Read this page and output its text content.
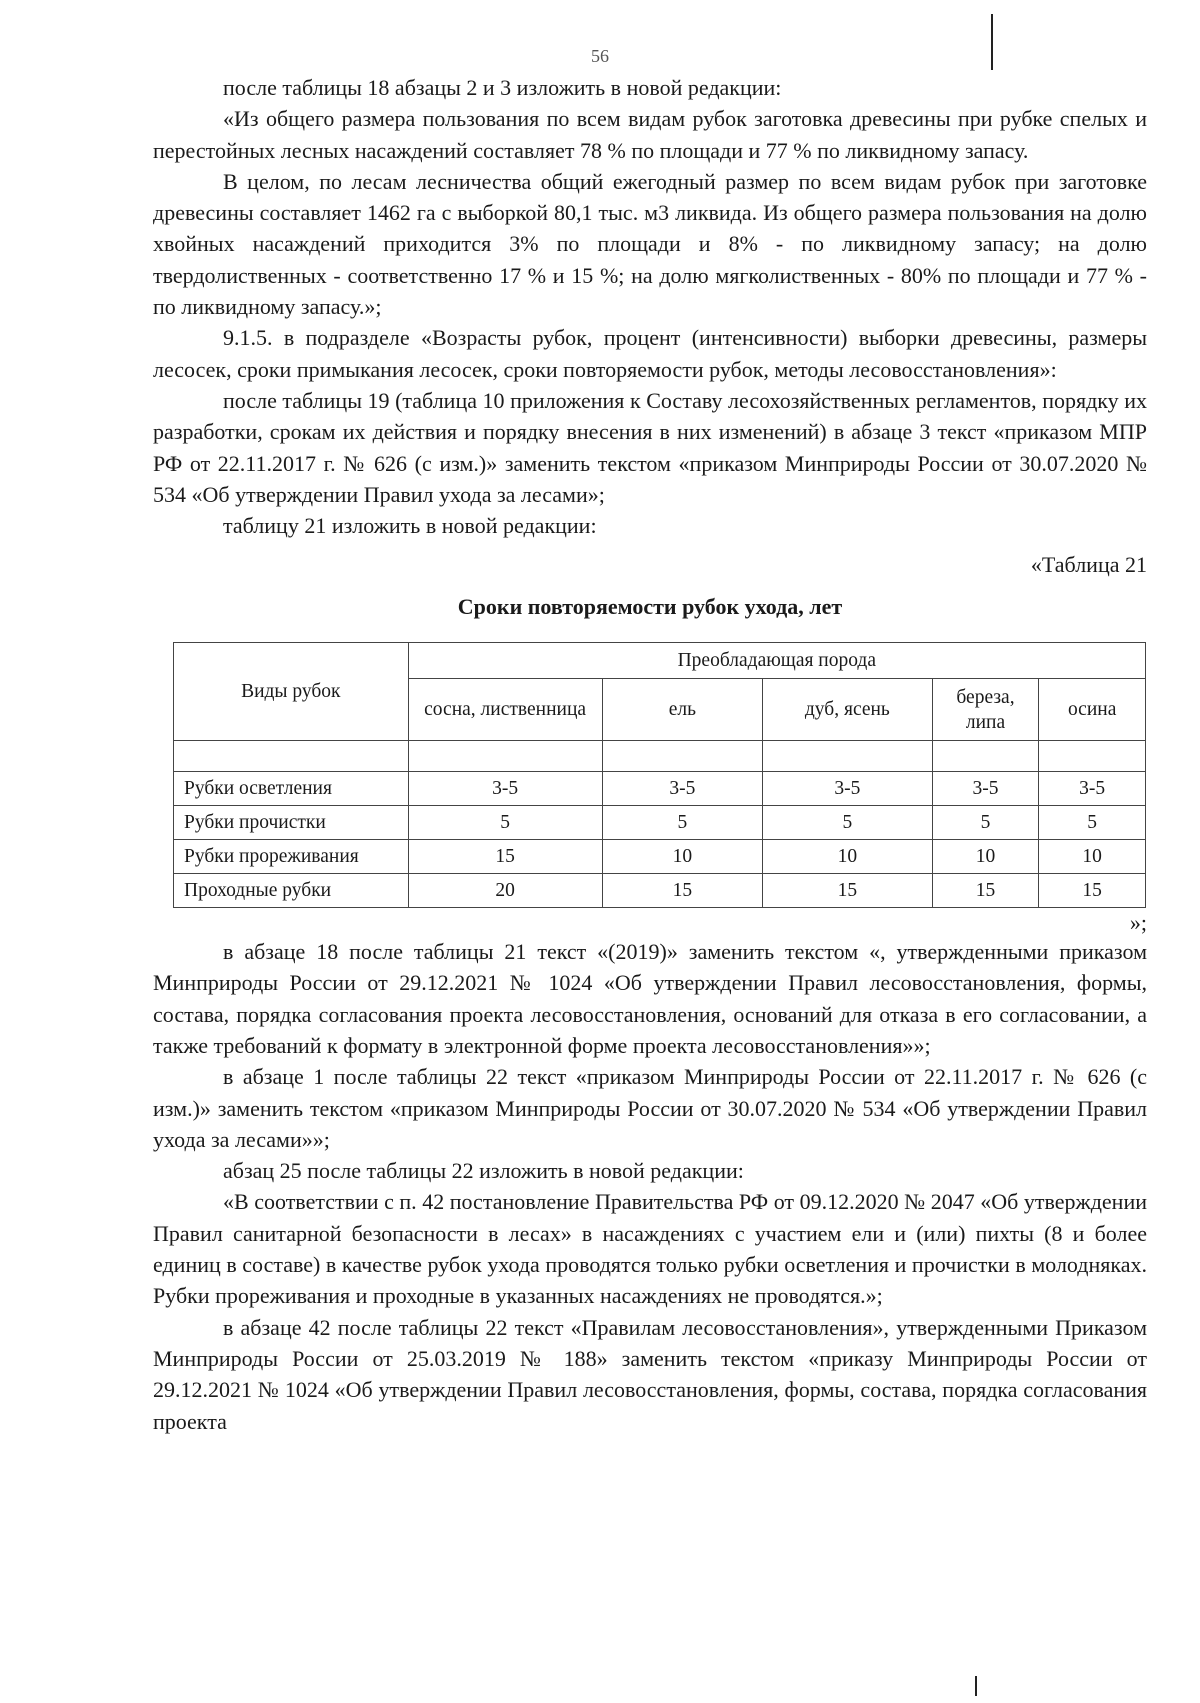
56

после таблицы 18 абзацы 2 и 3 изложить в новой редакции:

«Из общего размера пользования по всем видам рубок заготовка древесины при рубке спелых и перестойных лесных насаждений составляет 78 % по площади и 77 % по ликвидному запасу.

В целом, по лесам лесничества общий ежегодный размер по всем видам рубок при заготовке древесины составляет 1462 га с выборкой 80,1 тыс. м3 ликвида. Из общего размера пользования на долю хвойных насаждений приходится 3% по площади и 8% - по ликвидному запасу; на долю твердолиственных - соответственно 17 % и 15 %; на долю мягколиственных - 80% по площади и 77 % - по ликвидному запасу.»;

9.1.5. в подразделе «Возрасты рубок, процент (интенсивности) выборки древесины, размеры лесосек, сроки примыкания лесосек, сроки повторяемости рубок, методы лесовосстановления»:

после таблицы 19 (таблица 10 приложения к Составу лесохозяйственных регламентов, порядку их разработки, срокам их действия и порядку внесения в них изменений) в абзаце 3 текст «приказом МПР РФ от 22.11.2017 г. № 626 (с изм.)» заменить текстом «приказом Минприроды России от 30.07.2020 № 534 «Об утверждении Правил ухода за лесами»;

таблицу 21 изложить в новой редакции:

«Таблица 21

Сроки повторяемости рубок ухода, лет

Виды рубок	Преобладающая порода				
	сосна, лиственница	ель	дуб, ясень	береза, липа	осина

Рубки осветления	3-5	3-5	3-5	3-5	3-5
Рубки прочистки	5	5	5	5	5
Рубки прореживания	15	10	10	10	10
Проходные рубки	20	15	15	15	15

»;

в абзаце 18 после таблицы 21 текст «(2019)» заменить текстом «, утвержденными приказом Минприроды России от 29.12.2021 № 1024 «Об утверждении Правил лесовосстановления, формы, состава, порядка согласования проекта лесовосстановления, оснований для отказа в его согласовании, а также требований к формату в электронной форме проекта лесовосстановления»»;

в абзаце 1 после таблицы 22 текст «приказом Минприроды России от 22.11.2017 г. № 626 (с изм.)» заменить текстом «приказом Минприроды России от 30.07.2020 № 534 «Об утверждении Правил ухода за лесами»»;

абзац 25 после таблицы 22 изложить в новой редакции:

«В соответствии с п. 42 постановление Правительства РФ от 09.12.2020 № 2047 «Об утверждении Правил санитарной безопасности в лесах» в насаждениях с участием ели и (или) пихты (8 и более единиц в составе) в качестве рубок ухода проводятся только рубки осветления и прочистки в молодняках. Рубки прореживания и проходные в указанных насаждениях не проводятся.»;

в абзаце 42 после таблицы 22 текст «Правилам лесовосстановления», утвержденными Приказом Минприроды России от 25.03.2019 № 188» заменить текстом «приказу Минприроды России от 29.12.2021 № 1024 «Об утверждении Правил лесовосстановления, формы, состава, порядка согласования проекта
